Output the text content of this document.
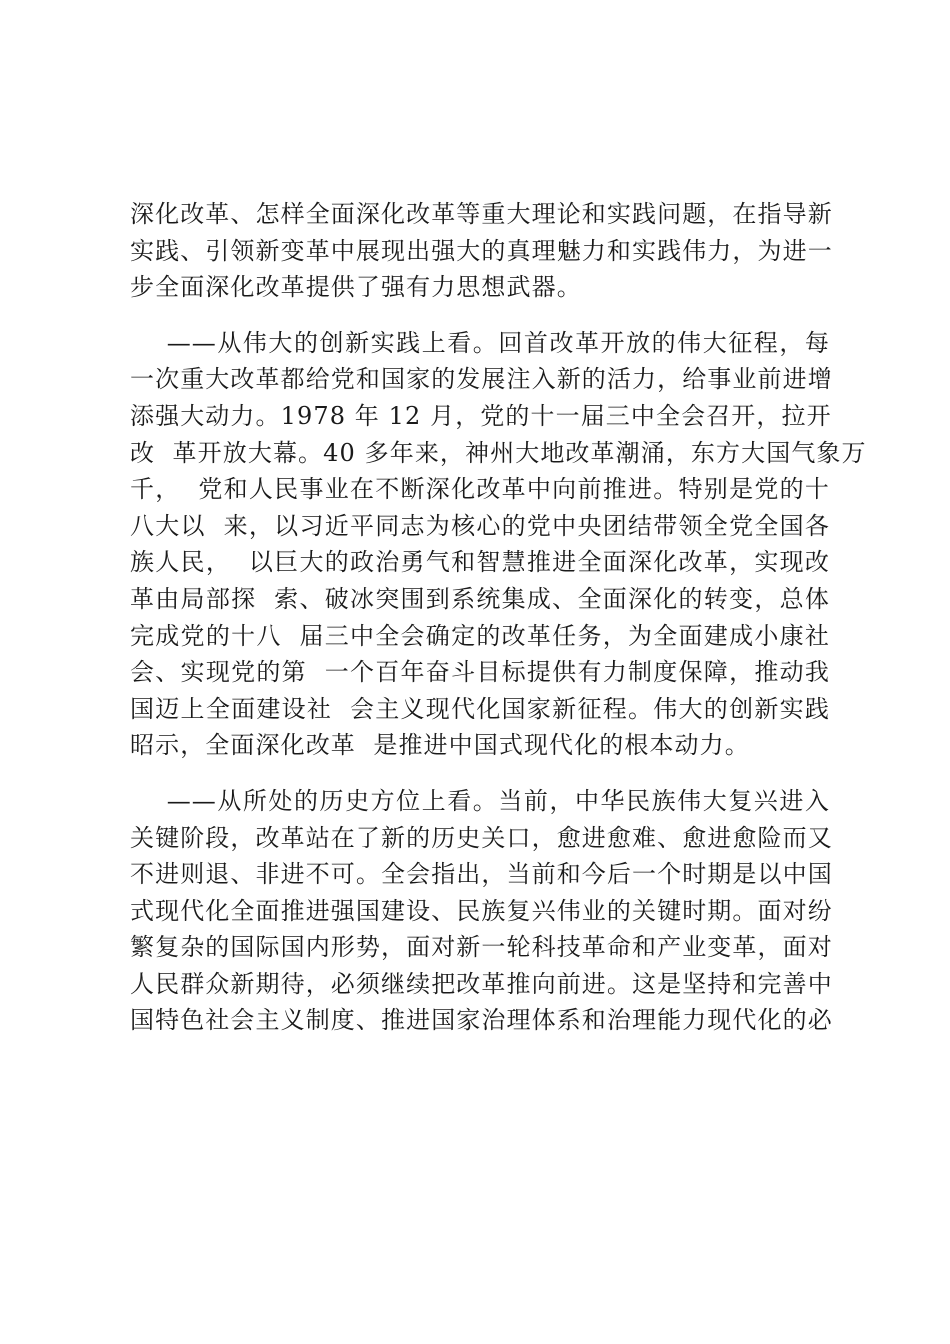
深化改革、怎样全面深化改革等重大理论和实践问题，在指导新
实践、引领新变革中展现出强大的真理魅力和实践伟力，为进一
步全面深化改革提供了强有力思想武器。
——从伟大的创新实践上看。回首改革开放的伟大征程，每
一次重大改革都给党和国家的发展注入新的活力，给事业前进增
添强大动力。1978 年 12 月，党的十一届三中全会召开，拉开
改  革开放大幕。40 多年来，神州大地改革潮涌，东方大国气象万
千，  党和人民事业在不断深化改革中向前推进。特别是党的十
八大以  来，以习近平同志为核心的党中央团结带领全党全国各
族人民，  以巨大的政治勇气和智慧推进全面深化改革，实现改
革由局部探  索、破冰突围到系统集成、全面深化的转变，总体
完成党的十八  届三中全会确定的改革任务，为全面建成小康社
会、实现党的第  一个百年奋斗目标提供有力制度保障，推动我
国迈上全面建设社  会主义现代化国家新征程。伟大的创新实践
昭示，全面深化改革  是推进中国式现代化的根本动力。
——从所处的历史方位上看。当前，中华民族伟大复兴进入
关键阶段，改革站在了新的历史关口，愈进愈难、愈进愈险而又
不进则退、非进不可。全会指出，当前和今后一个时期是以中国
式现代化全面推进强国建设、民族复兴伟业的关键时期。面对纷
繁复杂的国际国内形势，面对新一轮科技革命和产业变革，面对
人民群众新期待，必须继续把改革推向前进。这是坚持和完善中
国特色社会主义制度、推进国家治理体系和治理能力现代化的必
